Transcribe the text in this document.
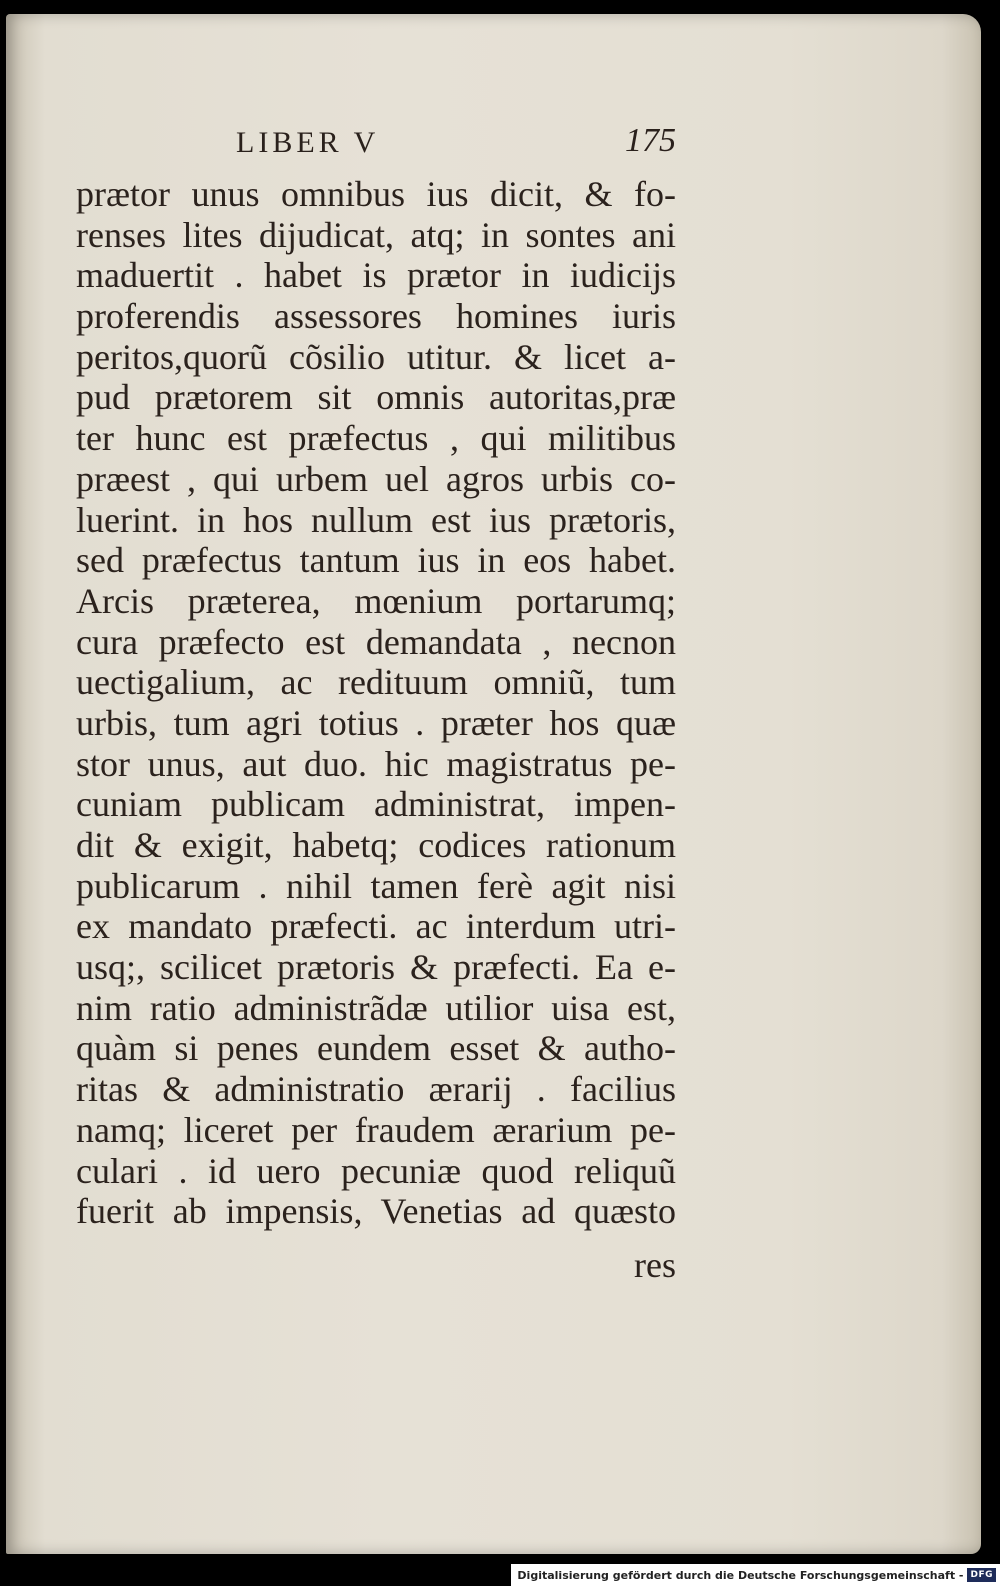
LIBER V	175
prætor unus omnibus ius dicit, & fo-
renses lites dijudicat, atq; in sontes ani
maduertit . habet is prætor in iudicijs
proferendis assessores homines iuris
peritos,quorũ cõsilio utitur. & licet a-
pud prætorem sit omnis autoritas,præ
ter hunc est præfectus , qui militibus
præest , qui urbem uel agros urbis co-
luerint. in hos nullum est ius prætoris,
sed præfectus tantum ius in eos habet.
Arcis præterea, mœnium portarumq;
cura præfecto est demandata , necnon
uectigalium, ac redituum omniũ, tum
urbis, tum agri totius . præter hos quæ
stor unus, aut duo. hic magistratus pe-
cuniam publicam administrat, impen-
dit & exigit, habetq; codices rationum
publicarum . nihil tamen ferè agit nisi
ex mandato præfecti. ac interdum utri-
usq;, scilicet prætoris & præfecti. Ea e-
nim ratio administrãdæ utilior uisa est,
quàm si penes eundem esset & autho-
ritas & administratio ærarij . facilius
namq; liceret per fraudem ærarium pe-
culari . id uero pecuniæ quod reliquũ
fuerit ab impensis, Venetias ad quæsto
res
Digitalisierung gefördert durch die Deutsche Forschungsgemeinschaft - DFG
